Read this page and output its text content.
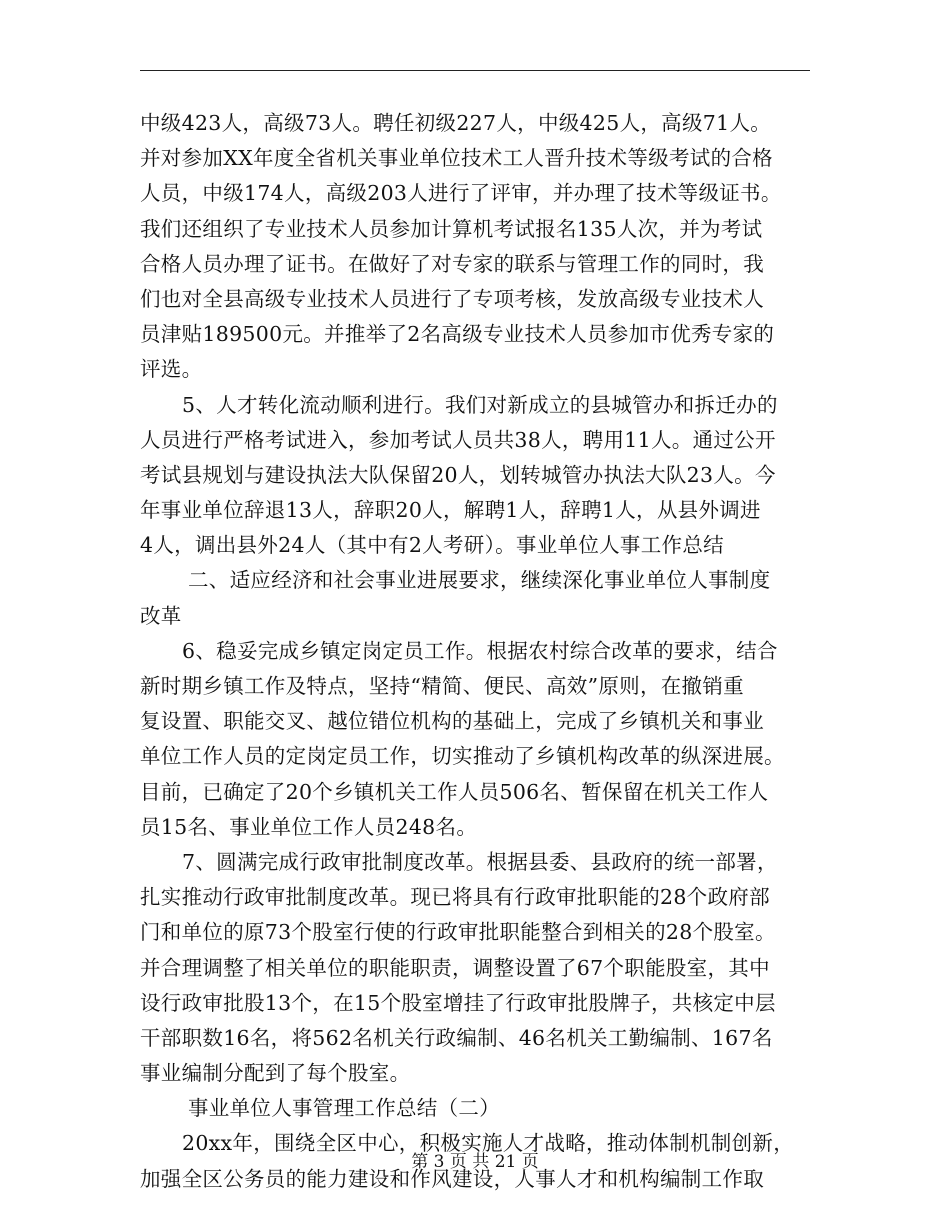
中级423人，高级73人。聘任初级227人，中级425人，高级71人。
并对参加XX年度全省机关事业单位技术工人晋升技术等级考试的合格
人员，中级174人，高级203人进行了评审，并办理了技术等级证书。
我们还组织了专业技术人员参加计算机考试报名135人次，并为考试
合格人员办理了证书。在做好了对专家的联系与管理工作的同时，我
们也对全县高级专业技术人员进行了专项考核，发放高级专业技术人
员津贴189500元。并推举了2名高级专业技术人员参加市优秀专家的
评选。
5、人才转化流动顺利进行。我们对新成立的县城管办和拆迁办的
人员进行严格考试进入，参加考试人员共38人，聘用11人。通过公开
考试县规划与建设执法大队保留20人，划转城管办执法大队23人。今
年事业单位辞退13人，辞职20人，解聘1人，辞聘1人，从县外调进
4人，调出县外24人（其中有2人考研）。事业单位人事工作总结
二、适应经济和社会事业进展要求，继续深化事业单位人事制度
改革
6、稳妥完成乡镇定岗定员工作。根据农村综合改革的要求，结合
新时期乡镇工作及特点，坚持“精简、便民、高效”原则，在撤销重
复设置、职能交叉、越位错位机构的基础上，完成了乡镇机关和事业
单位工作人员的定岗定员工作，切实推动了乡镇机构改革的纵深进展。
目前，已确定了20个乡镇机关工作人员506名、暂保留在机关工作人
员15名、事业单位工作人员248名。
7、圆满完成行政审批制度改革。根据县委、县政府的统一部署，
扎实推动行政审批制度改革。现已将具有行政审批职能的28个政府部
门和单位的原73个股室行使的行政审批职能整合到相关的28个股室。
并合理调整了相关单位的职能职责，调整设置了67个职能股室，其中
设行政审批股13个，在15个股室增挂了行政审批股牌子，共核定中层
干部职数16名，将562名机关行政编制、46名机关工勤编制、167名
事业编制分配到了每个股室。
事业单位人事管理工作总结（二）
20xx年，围绕全区中心，积极实施人才战略，推动体制机制创新，
加强全区公务员的能力建设和作风建设，人事人才和机构编制工作取
第 3 页 共 21 页
